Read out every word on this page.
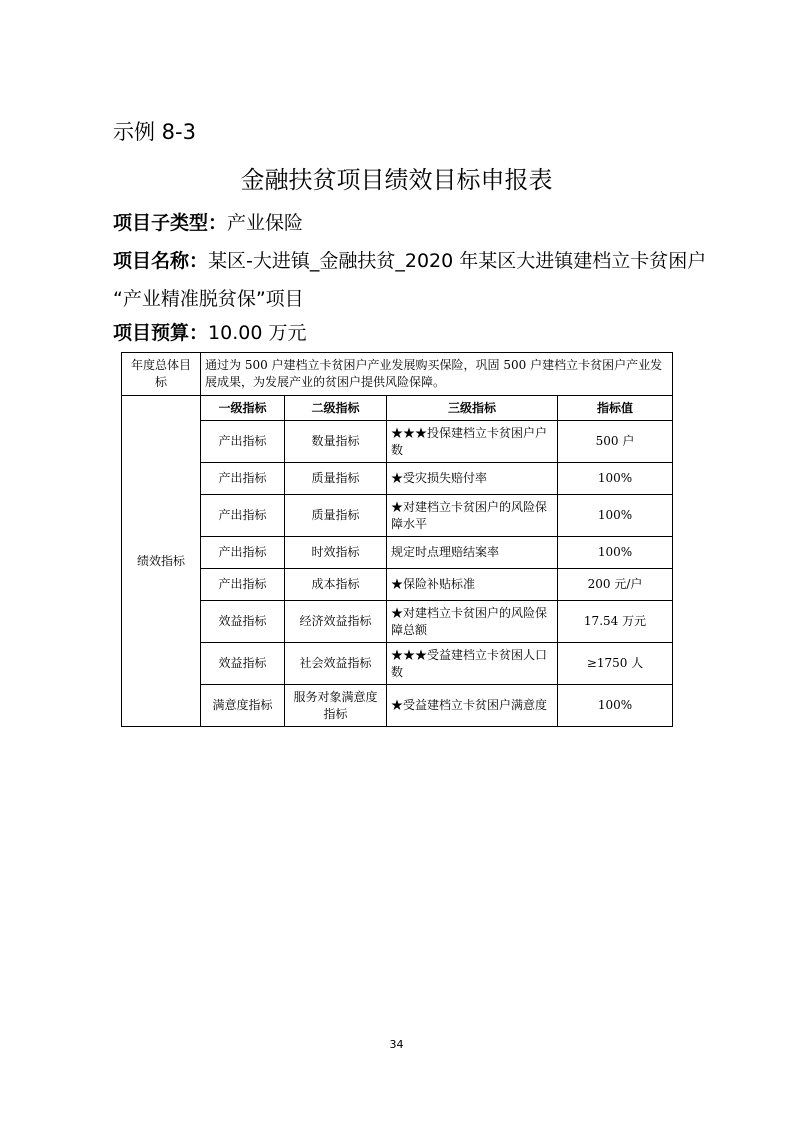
示例 8-3
金融扶贫项目绩效目标申报表
项目子类型：产业保险
项目名称：某区-大进镇_金融扶贫_2020 年某区大进镇建档立卡贫困户
“产业精准脱贫保”项目
项目预算：10.00 万元
年度总体目标	通过为 500 户建档立卡贫困户产业发展购买保险，巩固 500 户建档立卡贫困户产业发展成果，为发展产业的贫困户提供风险保障。			
绩效指标	一级指标	二级指标	三级指标	指标值
	产出指标	数量指标	★★★投保建档立卡贫困户户数	500 户
	产出指标	质量指标	★受灾损失赔付率	100%
	产出指标	质量指标	★对建档立卡贫困户的风险保障水平	100%
	产出指标	时效指标	规定时点理赔结案率	100%
	产出指标	成本指标	★保险补贴标准	200 元/户
	效益指标	经济效益指标	★对建档立卡贫困户的风险保障总额	17.54 万元
	效益指标	社会效益指标	★★★受益建档立卡贫困人口数	≥1750 人
	满意度指标	服务对象满意度指标	★受益建档立卡贫困户满意度	100%
34
